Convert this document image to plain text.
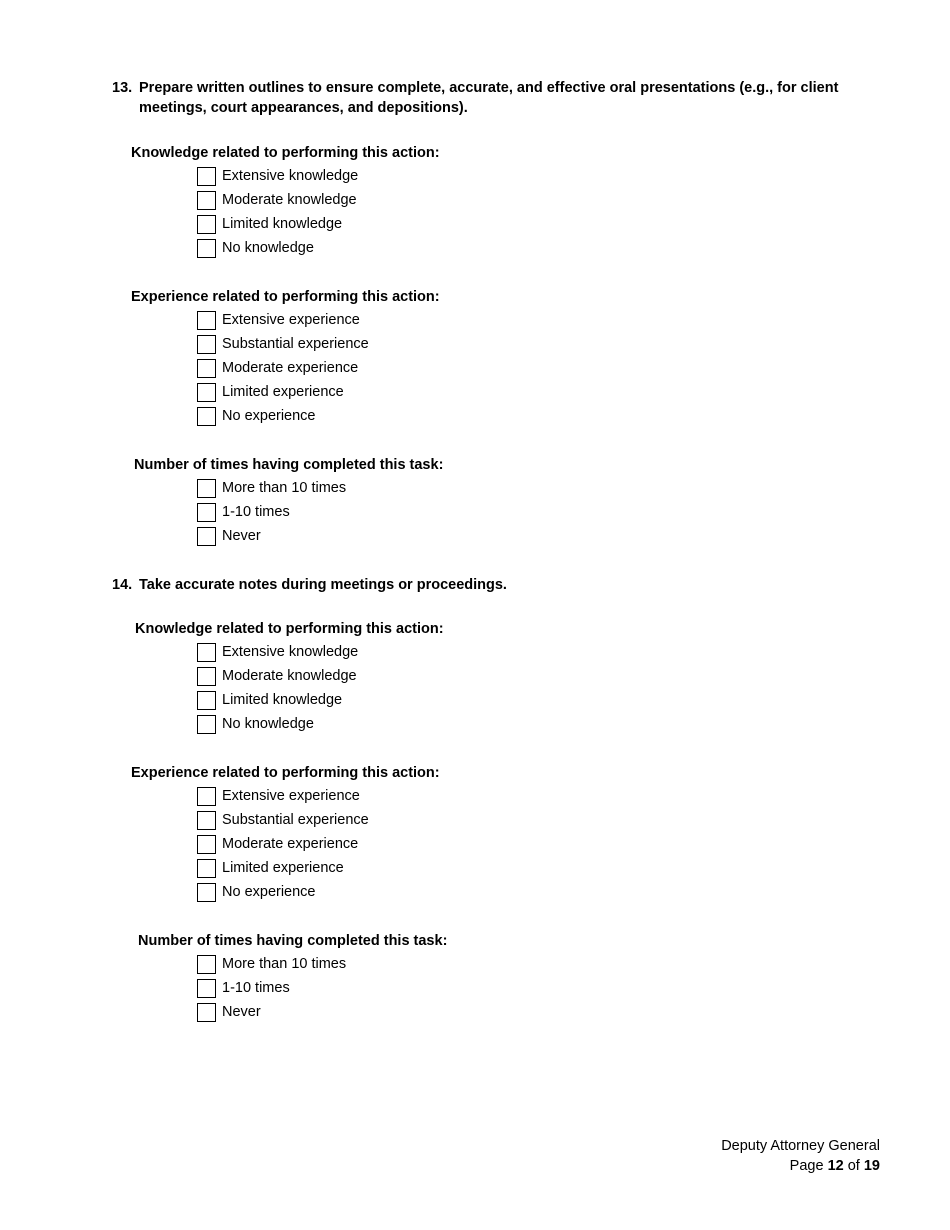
13. Prepare written outlines to ensure complete, accurate, and effective oral presentations (e.g., for client meetings, court appearances, and depositions).
Knowledge related to performing this action:
Extensive knowledge
Moderate knowledge
Limited knowledge
No knowledge
Experience related to performing this action:
Extensive experience
Substantial experience
Moderate experience
Limited experience
No experience
Number of times having completed this task:
More than 10 times
1-10 times
Never
14. Take accurate notes during meetings or proceedings.
Knowledge related to performing this action:
Extensive knowledge
Moderate knowledge
Limited knowledge
No knowledge
Experience related to performing this action:
Extensive experience
Substantial experience
Moderate experience
Limited experience
No experience
Number of times having completed this task:
More than 10 times
1-10 times
Never
Deputy Attorney General
Page 12 of 19
